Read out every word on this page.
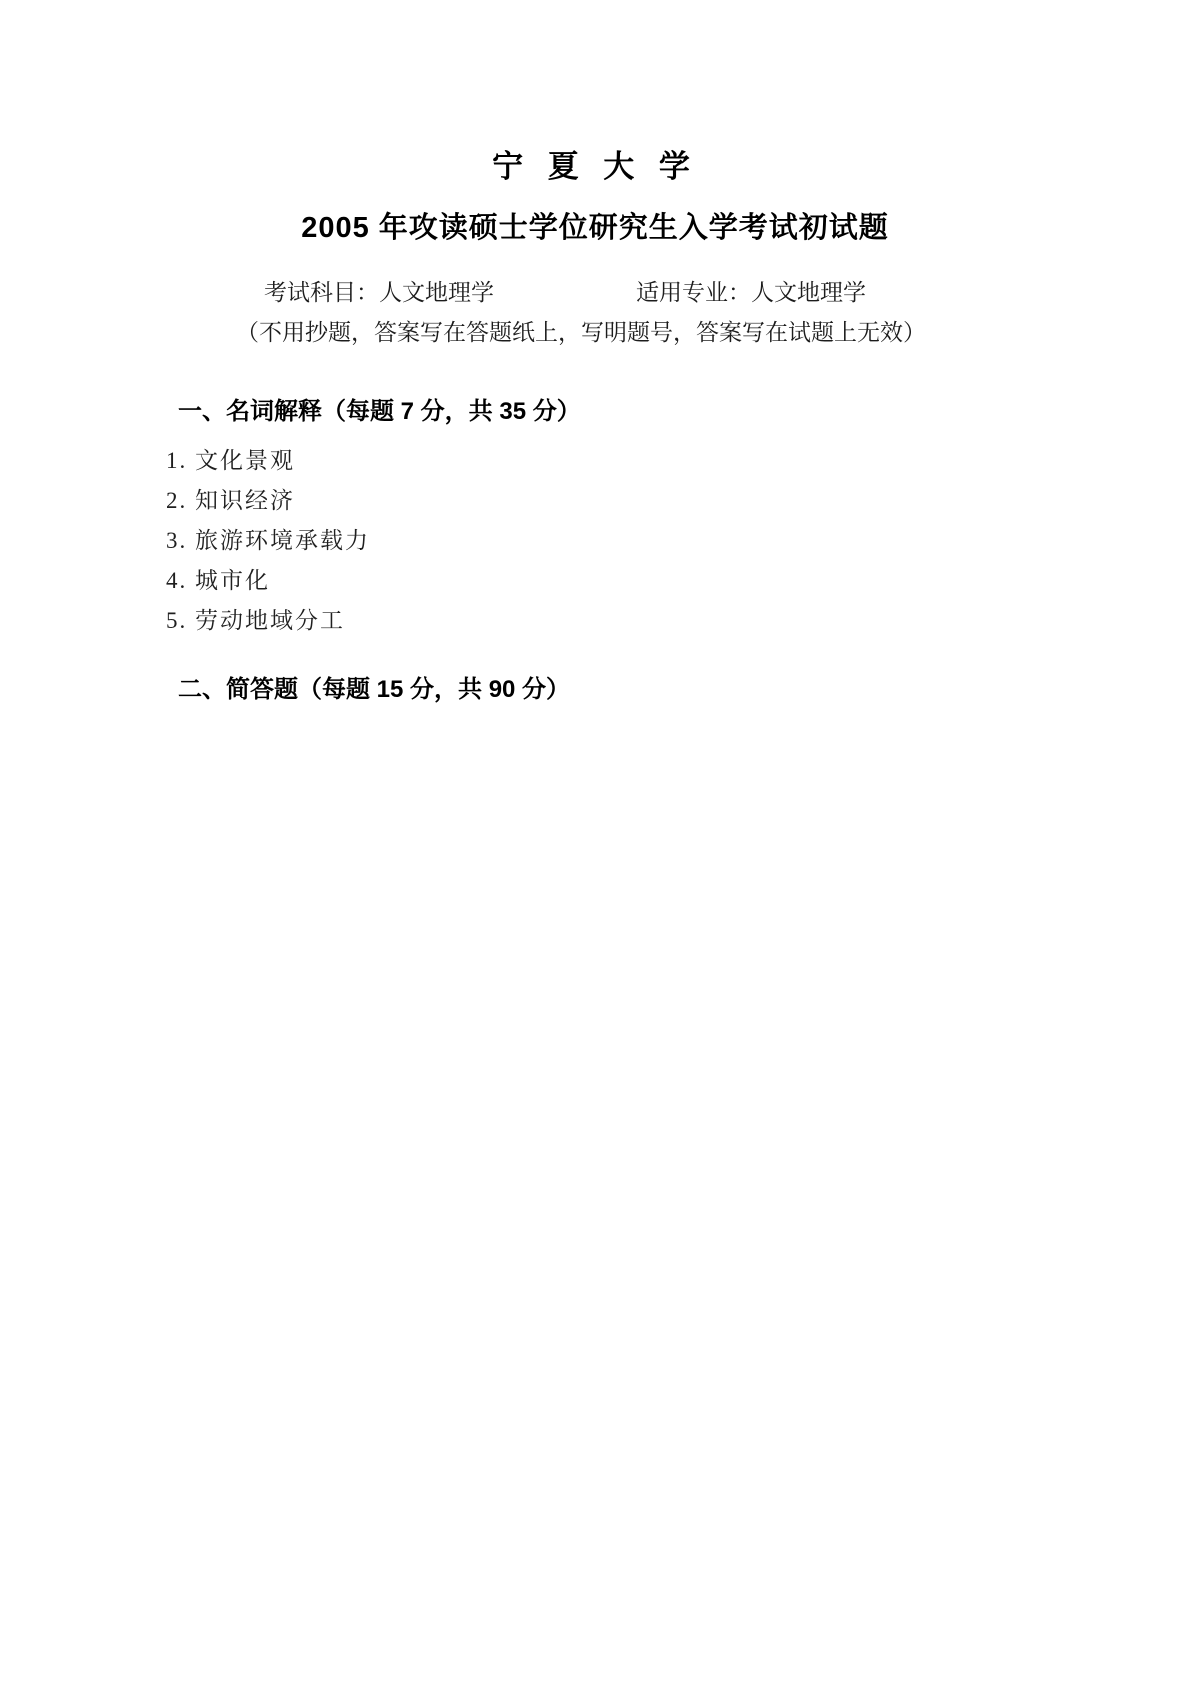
宁 夏 大 学
2005 年攻读硕士学位研究生入学考试初试题
考试科目：人文地理学	适用专业：人文地理学
（不用抄题，答案写在答题纸上，写明题号，答案写在试题上无效）
一、名词解释（每题 7 分，共 35 分）
1. 文化景观
2. 知识经济
3. 旅游环境承载力
4. 城市化
5. 劳动地域分工
二、简答题（每题 15 分，共 90 分）
